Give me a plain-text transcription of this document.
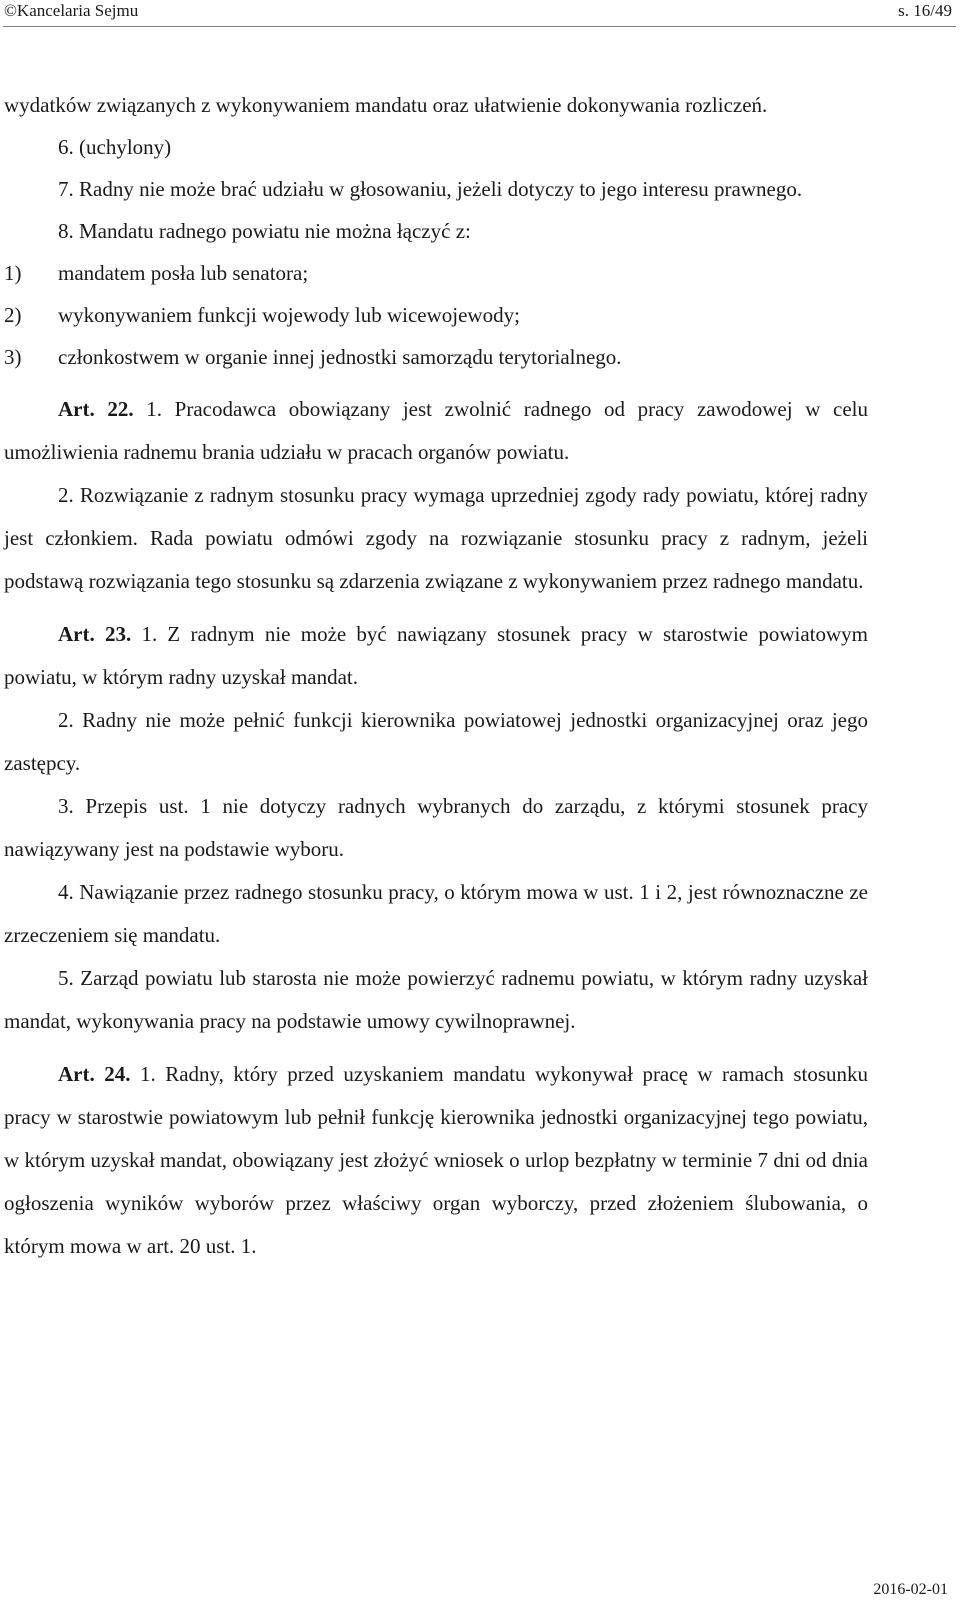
©Kancelaria Sejmu	s. 16/49

wydatków związanych z wykonywaniem mandatu oraz ułatwienie dokonywania rozliczeń.

6. (uchylony)

7. Radny nie może brać udziału w głosowaniu, jeżeli dotyczy to jego interesu prawnego.

8. Mandatu radnego powiatu nie można łączyć z:

1)	mandatem posła lub senatora;
2)	wykonywaniem funkcji wojewody lub wicewojewody;
3)	członkostwem w organie innej jednostki samorządu terytorialnego.

Art. 22. 1. Pracodawca obowiązany jest zwolnić radnego od pracy zawodowej w celu umożliwienia radnemu brania udziału w pracach organów powiatu.

2. Rozwiązanie z radnym stosunku pracy wymaga uprzedniej zgody rady powiatu, której radny jest członkiem. Rada powiatu odmówi zgody na rozwiązanie stosunku pracy z radnym, jeżeli podstawą rozwiązania tego stosunku są zdarzenia związane z wykonywaniem przez radnego mandatu.

Art. 23. 1. Z radnym nie może być nawiązany stosunek pracy w starostwie powiatowym powiatu, w którym radny uzyskał mandat.

2. Radny nie może pełnić funkcji kierownika powiatowej jednostki organizacyjnej oraz jego zastępcy.

3. Przepis ust. 1 nie dotyczy radnych wybranych do zarządu, z którymi stosunek pracy nawiązywany jest na podstawie wyboru.

4. Nawiązanie przez radnego stosunku pracy, o którym mowa w ust. 1 i 2, jest równoznaczne ze zrzeczeniem się mandatu.

5. Zarząd powiatu lub starosta nie może powierzyć radnemu powiatu, w którym radny uzyskał mandat, wykonywania pracy na podstawie umowy cywilnoprawnej.

Art. 24. 1. Radny, który przed uzyskaniem mandatu wykonywał pracę w ramach stosunku pracy w starostwie powiatowym lub pełnił funkcję kierownika jednostki organizacyjnej tego powiatu, w którym uzyskał mandat, obowiązany jest złożyć wniosek o urlop bezpłatny w terminie 7 dni od dnia ogłoszenia wyników wyborów przez właściwy organ wyborczy, przed złożeniem ślubowania, o którym mowa w art. 20 ust. 1.

2016-02-01
